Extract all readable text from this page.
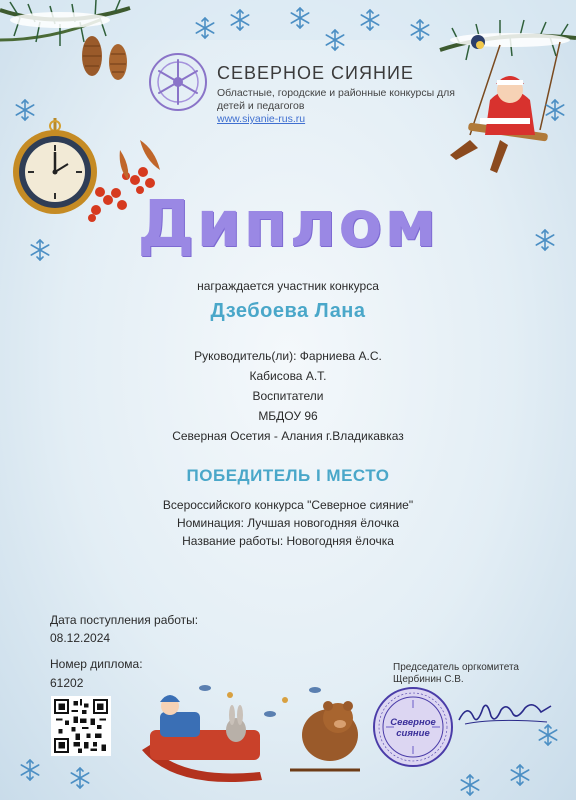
СЕВЕРНОЕ СИЯНИЕ
Областные, городские и районные конкурсы для детей и педагогов
www.siyanie-rus.ru
Диплом
награждается участник конкурса
Дзебоева Лана
Руководитель(ли): Фарниева А.С.
Кабисова А.Т.
Воспитатели
МБДОУ 96
Северная Осетия - Алания г.Владикавказ
ПОБЕДИТЕЛЬ I МЕСТО
Всероссийского конкурса "Северное сияние"
Номинация: Лучшая новогодняя ёлочка
Название работы: Новогодняя ёлочка
Дата поступления работы:
08.12.2024
Номер диплома:
61202
Председатель оргкомитета
Щербинин С.В.
Северное сияние
